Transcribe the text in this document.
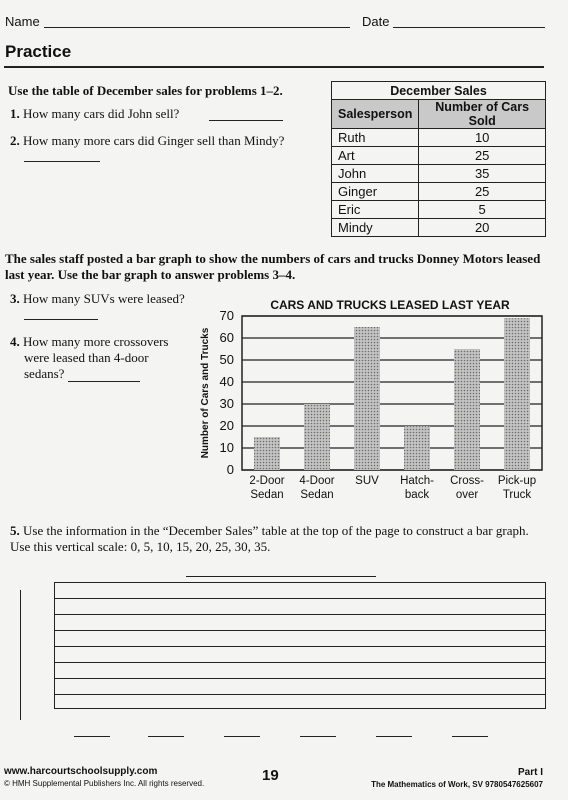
Name	Date
Practice
Use the table of December sales for problems 1–2.
1. How many cars did John sell?
2. How many more cars did Ginger sell than Mindy?
December Sales	
Salesperson	Number of Cars Sold
Ruth	10
Art	25
John	35
Ginger	25
Eric	5
Mindy	20
The sales staff posted a bar graph to show the numbers of cars and trucks Donney Motors leased last year. Use the bar graph to answer problems 3–4.
3. How many SUVs were leased?
4. How many more crossovers
were leased than 4-door
sedans?
CARS AND TRUCKS LEASED LAST YEAR
Number of Cars and Trucks
0
10
20
30
40
50
60
70
2-Door
Sedan
4-Door
Sedan
SUV Hatch-
back
Cross-
over
Pick-up
Truck
5. Use the information in the “December Sales” table at the top of the page to construct a bar graph. Use this vertical scale: 0, 5, 10, 15, 20, 25, 30, 35.
www.harcourtschoolsupply.com
© HMH Supplemental Publishers Inc. All rights reserved.	19	Part I
The Mathematics of Work, SV 9780547625607
